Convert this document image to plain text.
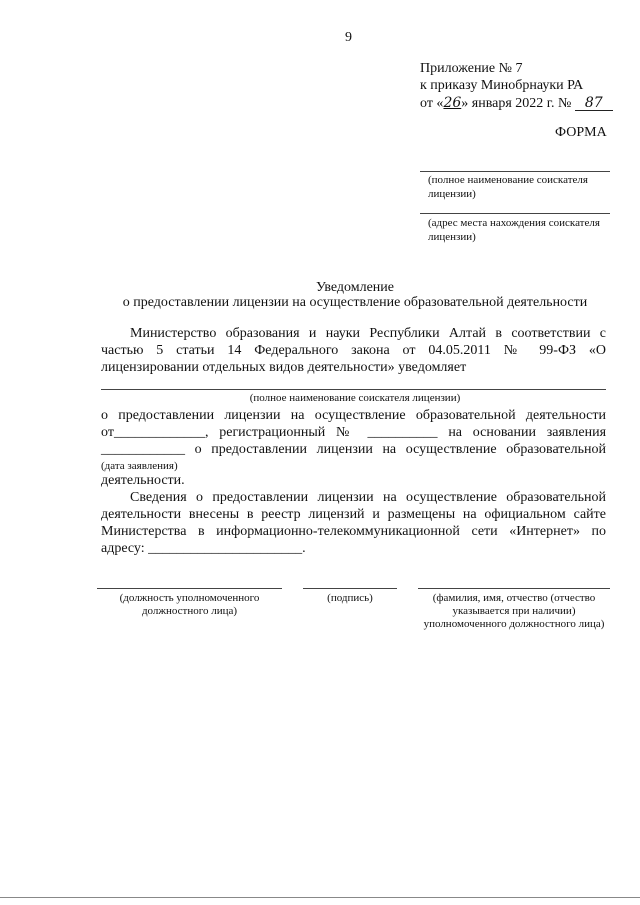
9
Приложение № 7
к приказу Минобрнауки РА
от «26» января 2022 г. № 87
ФОРМА
(полное наименование соискателя
лицензии)
(адрес места нахождения соискателя
лицензии)
Уведомление
о предоставлении лицензии на осуществление образовательной деятельности
Министерство образования и науки Республики Алтай в соответствии с
частью 5 статьи 14 Федерального закона от 04.05.2011 № 99-ФЗ «О
лицензировании отдельных видов деятельности» уведомляет
(полное наименование соискателя лицензии)
о предоставлении лицензии на осуществление образовательной деятельности
от_____________, регистрационный № __________ на основании заявления
____________ о предоставлении лицензии на осуществление образовательной
(дата заявления)
деятельности.
Сведения о предоставлении лицензии на осуществление образовательной
деятельности внесены в реестр лицензий и размещены на официальном сайте
Министерства в информационно-телекоммуникационной сети «Интернет» по
адресу: ______________________.
(должность уполномоченного
должностного лица)
(подпись)	(фамилия, имя, отчество (отчество
указывается при наличии)
уполномоченного должностного лица)
